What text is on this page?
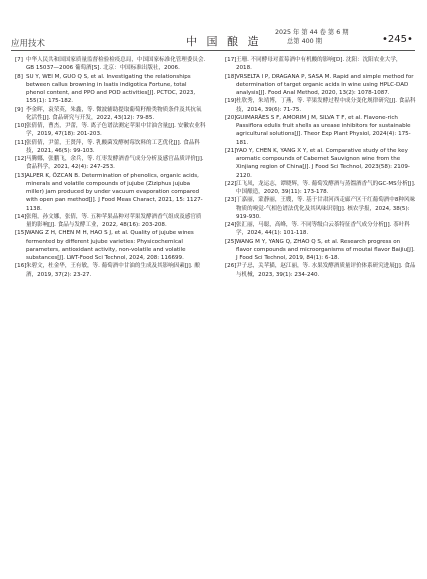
应用技术	中 国 酿 造
2025 年 第 44 卷 第 6 期
总第 400 期	•245•
[7] 中华人民共和国国家质量监督检验检疫总局，中国国家标准化管理委员会. GB 15037—2006 葡萄酒[S]. 北京：中国标准出版社，2006.
[8] SU Y, WEI M, GUO Q S, et al. Investigating the relationships between callus browning in Isatis indigotica Fortune, total phenol content, and PPO and POD activities[J]. PCTOC, 2023, 155(1): 175-182.
[9] 李金晖，袁荣英，朱鑫，等. 微波辅助提取葡萄籽酚类物质条件及其抗氧化活性[J]. 食品研究与开发，2022, 43(12): 79-85.
[10] 张倩倩，曹杰，尹蕾，等. 离子色谱法测定苹果中甘油含量[J]. 安徽农业科学，2019, 47(18): 201-203.
[11] 张倩倩，尹蕾，王贤萍，等. 乳酸菌发酵树莓饮料的工艺优化[J]. 食品科技，2021, 46(5): 99-103.
[12] 马腾娜，张鹏飞，余兵，等. 红枣发酵酒香气成分分析及感官品质评价[J]. 食品科学，2021, 42(4): 247-253.
[13] ALPER K, ÖZCAN B. Determination of phenolics, organic acids, minerals and volatile compounds of jujube (Ziziphus jujuba miller) jam produced by under vacuum evaporation compared with open pan method[J]. J Food Meas Charact, 2021, 15: 1127-1138.
[14] 张翔，孙文娜，张倩，等. 五种苹果品种对苹果发酵酒香气组成及感官质量的影响[J]. 食品与发酵工业，2022, 48(16): 203-208.
[15] WANG Z H, CHEN M H, HAO S J, et al. Quality of jujube wines fermented by different jujube varieties: Physicochemical parameters, antioxidant activity, non-volatile and volatile substances[J]. LWT-Food Sci Technol, 2024, 208: 116699.
[16] 朱碧文，杜金华，王有敏，等. 葡萄酒中甘油的生成及其影响因素[J]. 酿酒，2019, 37(2): 23-27.
[17] 王珊. 不同酵母对蓝莓酒中有机酸的影响[D]. 沈阳：沈阳农业大学，2018.
[18] VRSELTA I P, DRAGANA P, SASA M. Rapid and simple method for determination of target organic acids in wine using HPLC-DAD analysis[J]. Food Anal Method, 2020, 13(2): 1078-1087.
[19] 杜欣秀，朱靖博，丁燕，等. 苹果发酵过程中成分变化规律研究[J]. 食品科技，2014, 39(6): 71-75.
[20] GUIMARÃES S F, AMORIM J M, SILVA T F, et al. Flavone-rich Passiflora edulis fruit shells as urease inhibitors for sustainable agricultural solutions[J]. Theor Exp Plant Physiol, 2024(4): 175-181.
[21] YAO Y, CHEN K, YANG X Y, et al. Comparative study of the key aromatic compounds of Cabernet Sauvignon wine from the Xinjiang region of China[J]. J Food Sci Technol, 2023(58): 2109-2120.
[22] 江飞凤，龙运志，谭晓辉，等. 葡萄发酵酒与蒸馏酒香气的GC-MS分析[J]. 中国酿造，2020, 39(11): 173-178.
[23] 丁嘉丽，蒙静丽，王嫂，等. 基于甘肃河西走廊产区干红葡萄酒中8种风味物质的嗅觉-气相色谱法优化及其风味识别[J]. 核农学报，2024, 38(5): 919-930.
[24] 张汇丽，马聪，高峰，等. 不同等级白云茶特征香气成分分析[J]. 茶叶科学，2024, 44(1): 101-118.
[25] WANG M Y, YANG Q, ZHAO Q S, et al. Research progress on flavor compounds and microorganisms of moutai flavor Baijiu[J]. J Food Sci Technol, 2019, 84(1): 6-18.
[26] 尹子忌，关苹猫，赵江丽，等. 水果发酵酒质量评价体系研究进展[J]. 食品与机械，2023, 39(1): 234-240.
